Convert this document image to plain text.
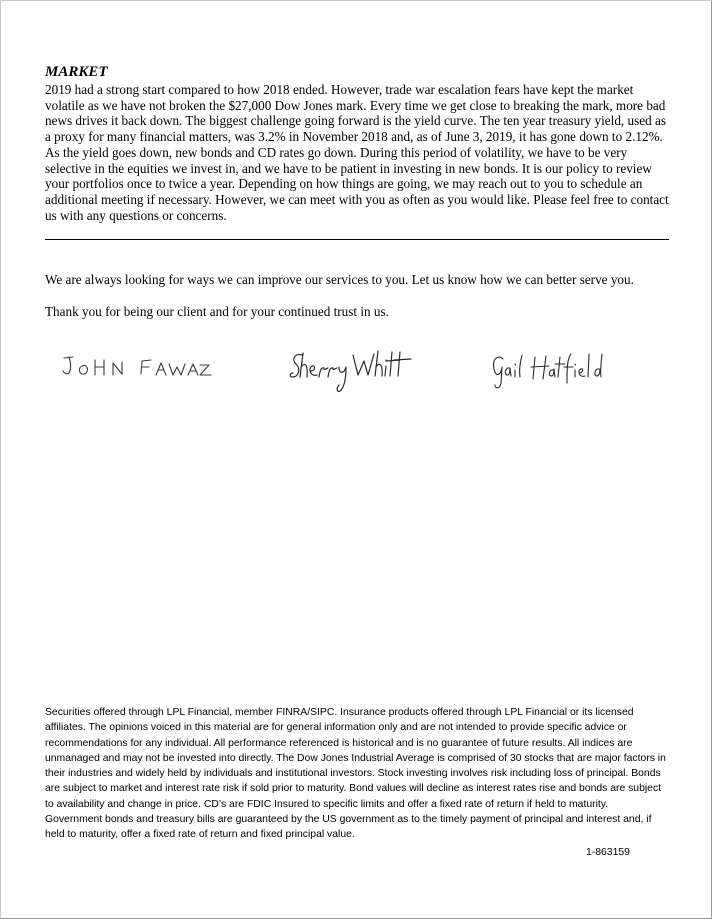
MARKET

2019 had a strong start compared to how 2018 ended. However, trade war escalation fears have kept the market volatile as we have not broken the $27,000 Dow Jones mark. Every time we get close to breaking the mark, more bad news drives it back down. The biggest challenge going forward is the yield curve. The ten year treasury yield, used as a proxy for many financial matters, was 3.2% in November 2018 and, as of June 3, 2019, it has gone down to 2.12%. As the yield goes down, new bonds and CD rates go down. During this period of volatility, we have to be very selective in the equities we invest in, and we have to be patient in investing in new bonds. It is our policy to review your portfolios once to twice a year. Depending on how things are going, we may reach out to you to schedule an additional meeting if necessary. However, we can meet with you as often as you would like. Please feel free to contact us with any questions or concerns.

We are always looking for ways we can improve our services to you. Let us know how we can better serve you.

Thank you for being our client and for your continued trust in us.

Securities offered through LPL Financial, member FINRA/SIPC. Insurance products offered through LPL Financial or its licensed affiliates. The opinions voiced in this material are for general information only and are not intended to provide specific advice or recommendations for any individual. All performance referenced is historical and is no guarantee of future results. All indices are unmanaged and may not be invested into directly. The Dow Jones Industrial Average is comprised of 30 stocks that are major factors in their industries and widely held by individuals and institutional investors. Stock investing involves risk including loss of principal. Bonds are subject to market and interest rate risk if sold prior to maturity. Bond values will decline as interest rates rise and bonds are subject to availability and change in price. CD’s are FDIC Insured to specific limits and offer a fixed rate of return if held to maturity. Government bonds and treasury bills are guaranteed by the US government as to the timely payment of principal and interest and, if held to maturity, offer a fixed rate of return and fixed principal value.

1-863159
